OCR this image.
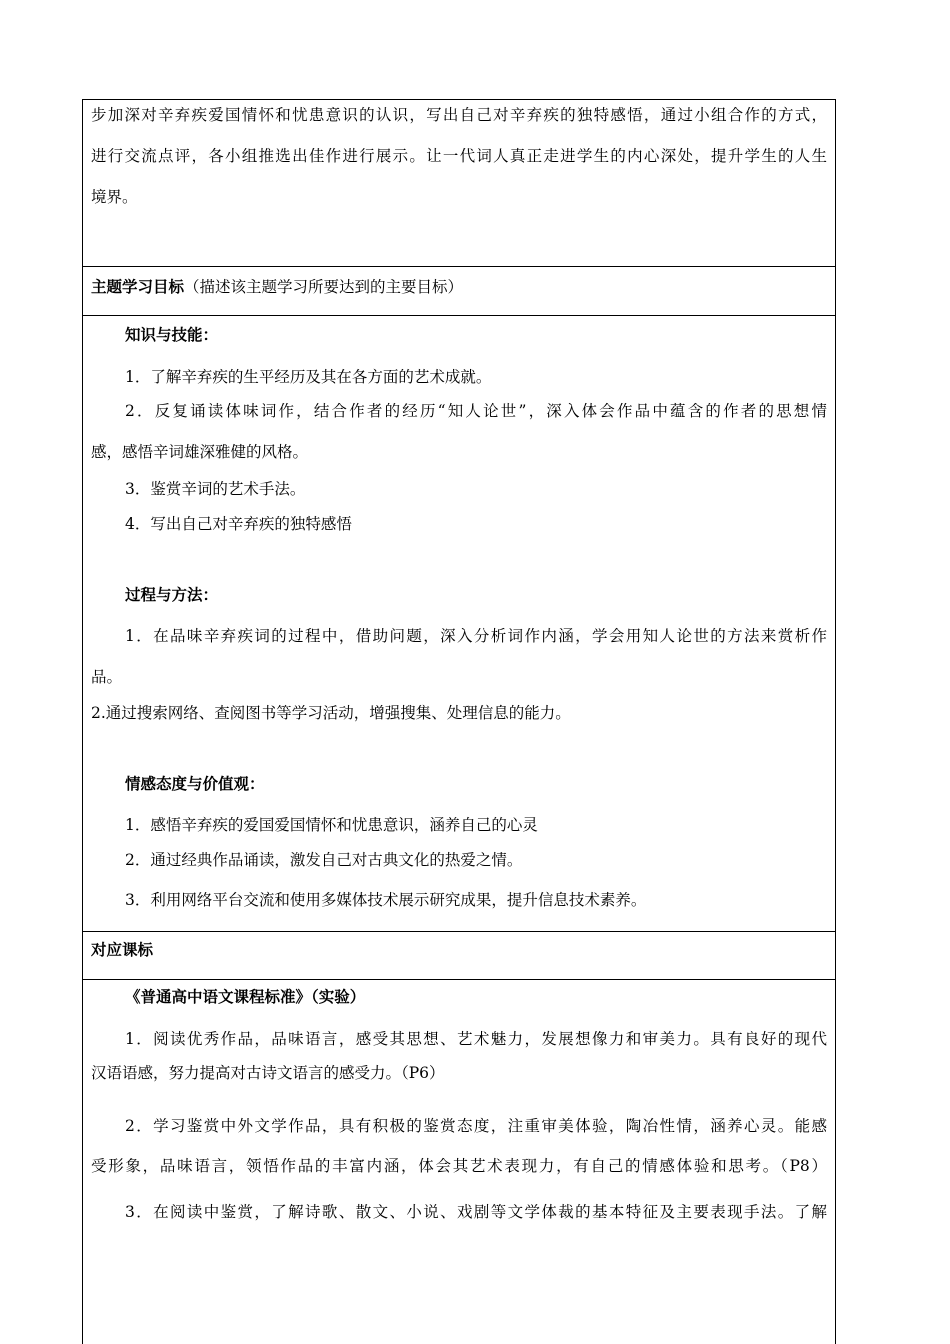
步加深对辛弃疾爱国情怀和忧患意识的认识，写出自己对辛弃疾的独特感悟，通过小组合作的方式，
进行交流点评，各小组推选出佳作进行展示。让一代词人真正走进学生的内心深处，提升学生的人生
境界。
主题学习目标（描述该主题学习所要达到的主要目标）
知识与技能：
1．了解辛弃疾的生平经历及其在各方面的艺术成就。
2．反复诵读体味词作，结合作者的经历“知人论世”，深入体会作品中蕴含的作者的思想情
感，感悟辛词雄深雅健的风格。
3．鉴赏辛词的艺术手法。
4．写出自己对辛弃疾的独特感悟
过程与方法：
1．在品味辛弃疾词的过程中，借助问题，深入分析词作内涵，学会用知人论世的方法来赏析作
品。
2.通过搜索网络、查阅图书等学习活动，增强搜集、处理信息的能力。
情感态度与价值观：
1．感悟辛弃疾的爱国爱国情怀和忧患意识，涵养自己的心灵
2．通过经典作品诵读，激发自己对古典文化的热爱之情。
3．利用网络平台交流和使用多媒体技术展示研究成果，提升信息技术素养。
对应课标
《普通高中语文课程标准》（实验）
1．阅读优秀作品，品味语言，感受其思想、艺术魅力，发展想像力和审美力。具有良好的现代
汉语语感，努力提高对古诗文语言的感受力。（P6）
2．学习鉴赏中外文学作品，具有积极的鉴赏态度，注重审美体验，陶冶性情，涵养心灵。能感
受形象，品味语言，领悟作品的丰富内涵，体会其艺术表现力，有自己的情感体验和思考。（P8）
3．在阅读中鉴赏，了解诗歌、散文、小说、戏剧等文学体裁的基本特征及主要表现手法。了解
